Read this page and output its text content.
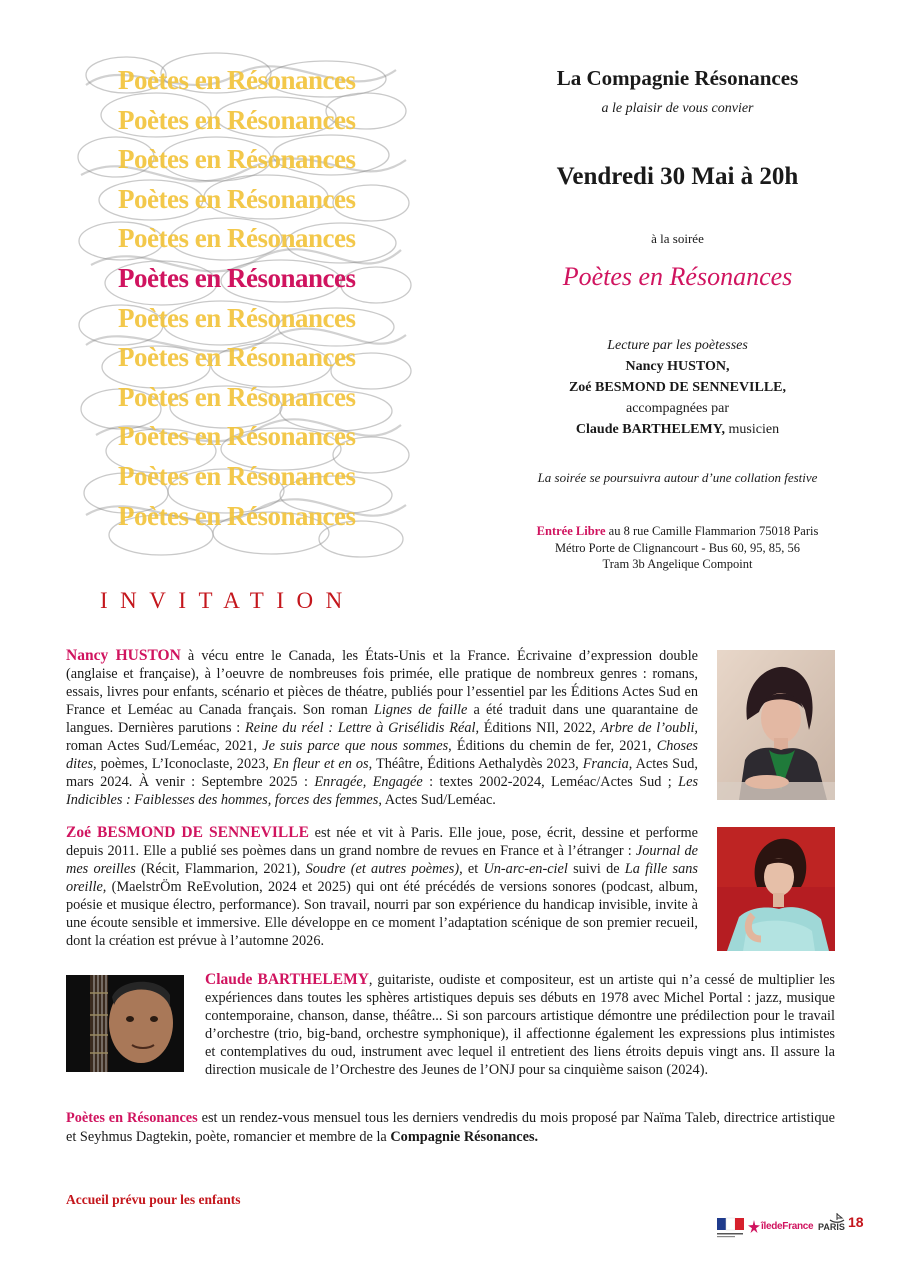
Poètes en Résonances
Poètes en Résonances
Poètes en Résonances
Poètes en Résonances
Poètes en Résonances
Poètes en Résonances
Poètes en Résonances
Poètes en Résonances
Poètes en Résonances
Poètes en Résonances
Poètes en Résonances
Poètes en Résonances
INVITATION
La Compagnie Résonances
a le plaisir de vous convier
Vendredi 30 Mai à 20h
à la soirée
Poètes en Résonances
Lecture par les poètesses
Nancy HUSTON,
Zoé BESMOND DE SENNEVILLE,
accompagnées par
Claude BARTHELEMY, musicien
La soirée se poursuivra autour d’une collation festive
Entrée Libre au 8 rue Camille Flammarion 75018 Paris
Métro Porte de Clignancourt - Bus 60, 95, 85, 56
Tram 3b Angelique Compoint

Nancy HUSTON à vécu entre le Canada, les États-Unis et la France. Écrivaine d’expression double (anglaise et française), à l’oeuvre de nombreuses fois primée, elle pratique de nombreux genres : romans, essais, livres pour enfants, scénario et pièces de théatre, publiés pour l’essentiel par les Éditions Actes Sud en France et Leméac au Canada français. Son roman Lignes de faille a été traduit dans une quarantaine de langues. Dernières parutions : Reine du réel : Lettre à Grisélidis Réal, Éditions NIl, 2022, Arbre de l’oubli, roman Actes Sud/Leméac, 2021, Je suis parce que nous sommes, Éditions du chemin de fer, 2021, Choses dites, poèmes, L’Iconoclaste, 2023, En fleur et en os, Théâtre, Éditions Aethalydès 2023, Francia, Actes Sud, mars 2024. À venir : Septembre 2025 : Enragée, Engagée : textes 2002-2024, Leméac/Actes Sud ; Les Indicibles : Faiblesses des hommes, forces des femmes, Actes Sud/Leméac.

Zoé BESMOND DE SENNEVILLE est née et vit à Paris. Elle joue, pose, écrit, dessine et performe depuis 2011. Elle a publié ses poèmes dans un grand nombre de revues en France et à l’étranger : Journal de mes oreilles (Récit, Flammarion, 2021), Soudre (et autres poèmes), et Un-arc-en-ciel suivi de La fille sans oreille, (MaelstrÖm ReEvolution, 2024 et 2025) qui ont été précédés de versions sonores (podcast, album, poésie et musique électro, performance). Son travail, nourri par son expérience du handicap invisible, invite à une écoute sensible et immersive. Elle développe en ce moment l’adaptation scénique de son premier recueil, dont la création est prévue à l’automne 2026.

Claude BARTHELEMY, guitariste, oudiste et compositeur, est un artiste qui n’a cessé de multiplier les expériences dans toutes les sphères artistiques depuis ses débuts en 1978 avec Michel Portal : jazz, musique contemporaine, chanson, danse, théâtre... Si son parcours artistique démontre une prédilection pour le travail d’orchestre (trio, big-band, orchestre symphonique), il affectionne également les expressions plus intimistes et contemplatives du oud, instrument avec lequel il entretient des liens étroits depuis vingt ans. Il assure la direction musicale de l’Orchestre des Jeunes de l’ONJ pour sa cinquième saison (2024).

Poètes en Résonances est un rendez-vous mensuel tous les derniers vendredis du mois proposé par Naïma Taleb, directrice artistique et Seyhmus Dagtekin, poète, romancier et membre de la Compagnie Résonances.

Accueil prévu pour les enfants
îledeFrance PARIS 18
